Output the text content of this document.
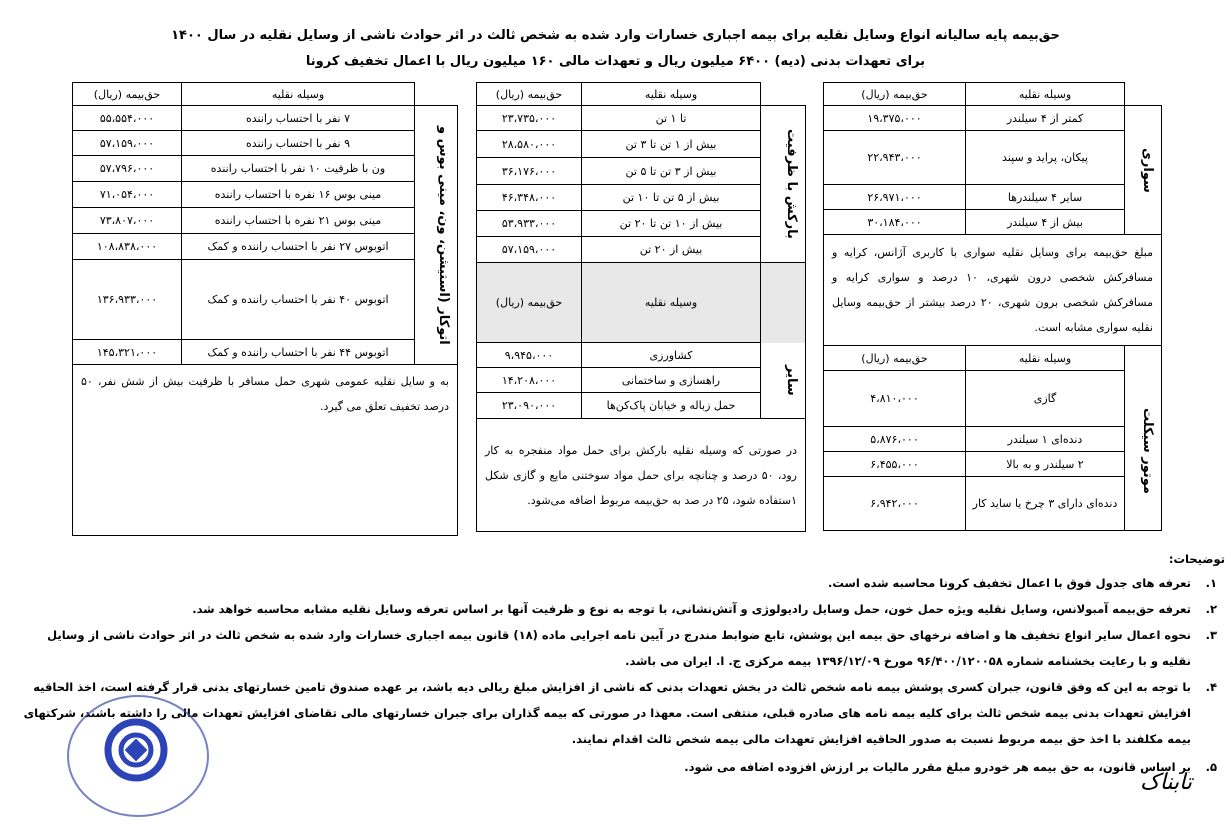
حق‌بیمه پایه سالیانه انواع وسایل نقلیه برای بیمه اجباری خسارات وارد شده به شخص ثالث در اثر حوادث ناشی از وسایل نقلیه در سال ۱۴۰۰
برای تعهدات بدنی (دیه) ۶۴۰۰ میلیون ریال و تعهدات مالی ۱۶۰ میلیون ریال با اعمال تخفیف کرونا
	وسیله نقلیه	حق‌بیمه (ریال)

سواری	کمتر از ۴ سیلندر	۱۹،۳۷۵،۰۰۰
	پیکان، پراید و سپند	۲۲،۹۴۳،۰۰۰
	سایر ۴ سیلندرها	۲۶،۹۷۱،۰۰۰
	بیش از ۴ سیلندر	۳۰،۱۸۴،۰۰۰
مبلغ حق‌بیمه برای وسایل نقلیه سواری با کاربری آژانس، کرایه و مسافرکش شخصی درون شهری، ۱۰ درصد و سواری کرایه و مسافرکش شخصی برون شهری، ۲۰ درصد بیشتر از حق‌بیمه وسایل نقلیه سواری مشابه است.		
	وسیله نقلیه	حق‌بیمه (ریال)

موتور سیکلت	گازی	۴،۸۱۰،۰۰۰
	دنده‌ای ۱ سیلندر	۵،۸۷۶،۰۰۰
	۲ سیلندر و به بالا	۶،۴۵۵،۰۰۰
	دنده‌ای دارای ۳ چرخ یا ساید کار	۶،۹۴۲،۰۰۰
	وسیله نقلیه	حق‌بیمه (ریال)

بارکش با ظرفیت	تا ۱ تن	۲۳،۷۳۵،۰۰۰
	بیش از ۱ تن تا ۳ تن	۲۸،۵۸۰،۰۰۰
	بیش از ۳ تن تا ۵ تن	۳۶،۱۷۶،۰۰۰
	بیش از ۵ تن تا ۱۰ تن	۴۶،۳۴۸،۰۰۰
	بیش از ۱۰ تن تا ۲۰ تن	۵۳،۹۳۳،۰۰۰
	بیش از ۲۰ تن	۵۷،۱۵۹،۰۰۰
	وسیله نقلیه	حق‌بیمه (ریال)

سایر	کشاورزی	۹،۹۴۵،۰۰۰
	راهسازی و ساختمانی	۱۴،۲۰۸،۰۰۰
	حمل زباله و خیابان پاک‌کن‌ها	۲۳،۰۹۰،۰۰۰
در صورتی که وسیله نقلیه بارکش برای حمل مواد منفجره به کار رود، ۵۰ درصد و چنانچه برای حمل مواد سوختنی مایع و گازی شکل ۱ستفاده شود، ۲۵ در صد به حق‌بیمه مربوط اضافه می‌شود.		
	وسیله نقلیه	حق‌بیمه (ریال)

اتوکار (استیشن، ون، مینی بوس و	۷ نفر با احتساب راننده	۵۵،۵۵۴،۰۰۰
	۹ نفر با احتساب راننده	۵۷،۱۵۹،۰۰۰
	ون با ظرفیت ۱۰ نفر با احتساب راننده	۵۷،۷۹۶،۰۰۰
	مینی بوس ۱۶ نفره با احتساب راننده	۷۱،۰۵۴،۰۰۰
	مینی بوس ۲۱ نفره با احتساب راننده	۷۳،۸۰۷،۰۰۰
	اتوبوس ۲۷ نفر با احتساب راننده و کمک	۱۰۸،۸۳۸،۰۰۰
	اتوبوس ۴۰ نفر با احتساب راننده و کمک	۱۳۶،۹۳۳،۰۰۰
	اتوبوس ۴۴ نفر با احتساب راننده و کمک	۱۴۵،۳۲۱،۰۰۰
به و سایل نقلیه عمومی شهری حمل مسافر با ظرفیت بیش از شش نفر، ۵۰ درصد تخفیف تعلق می گیرد.		
توضیحات:
۱.
تعرفه های جدول فوق با اعمال تخفیف کرونا محاسبه شده است.
۲.
تعرفه حق‌بیمه آمبولانس، وسایل نقلیه ویژه حمل خون، حمل وسایل رادیولوژی و آتش‌نشانی، با توجه به نوع و ظرفیت آنها بر اساس تعرفه وسایل نقلیه مشابه محاسبه خواهد شد.
۳.
نحوه اعمال سایر انواع تخفیف ها و اضافه نرخهای حق بیمه این پوشش، تابع ضوابط مندرج در آیین نامه اجرایی ماده (۱۸) قانون بیمه اجباری خسارات وارد شده به شخص ثالث در اثر حوادث ناشی از وسایل نقلیه و با رعایت بخشنامه شماره ۹۶/۴۰۰/۱۲۰۰۵۸ مورخ ۱۳۹۶/۱۲/۰۹ بیمه مرکزی ج. ا. ایران می باشد.
۴.
با توجه به این که وفق قانون، جبران کسری پوشش بیمه نامه شخص ثالث در بخش تعهدات بدنی که ناشی از افزایش مبلغ ریالی دیه باشد، بر عهده صندوق تامین خسارتهای بدنی قرار گرفته است، اخذ الحاقیه افزایش تعهدات بدنی بیمه شخص ثالث برای کلیه بیمه نامه های صادره قبلی، منتفی است. معهذا در صورتی که بیمه گذاران برای جبران خسارتهای مالی تقاضای افزایش تعهدات مالی را داشته باشند، شرکتهای بیمه مکلفند با اخذ حق بیمه مربوط نسبت به صدور الحاقیه افزایش تعهدات مالی بیمه شخص ثالث اقدام نمایند.
۵.
بر اساس قانون، به حق بیمه هر خودرو مبلغ مقرر مالیات بر ارزش افزوده اضافه می شود.
تابناک
